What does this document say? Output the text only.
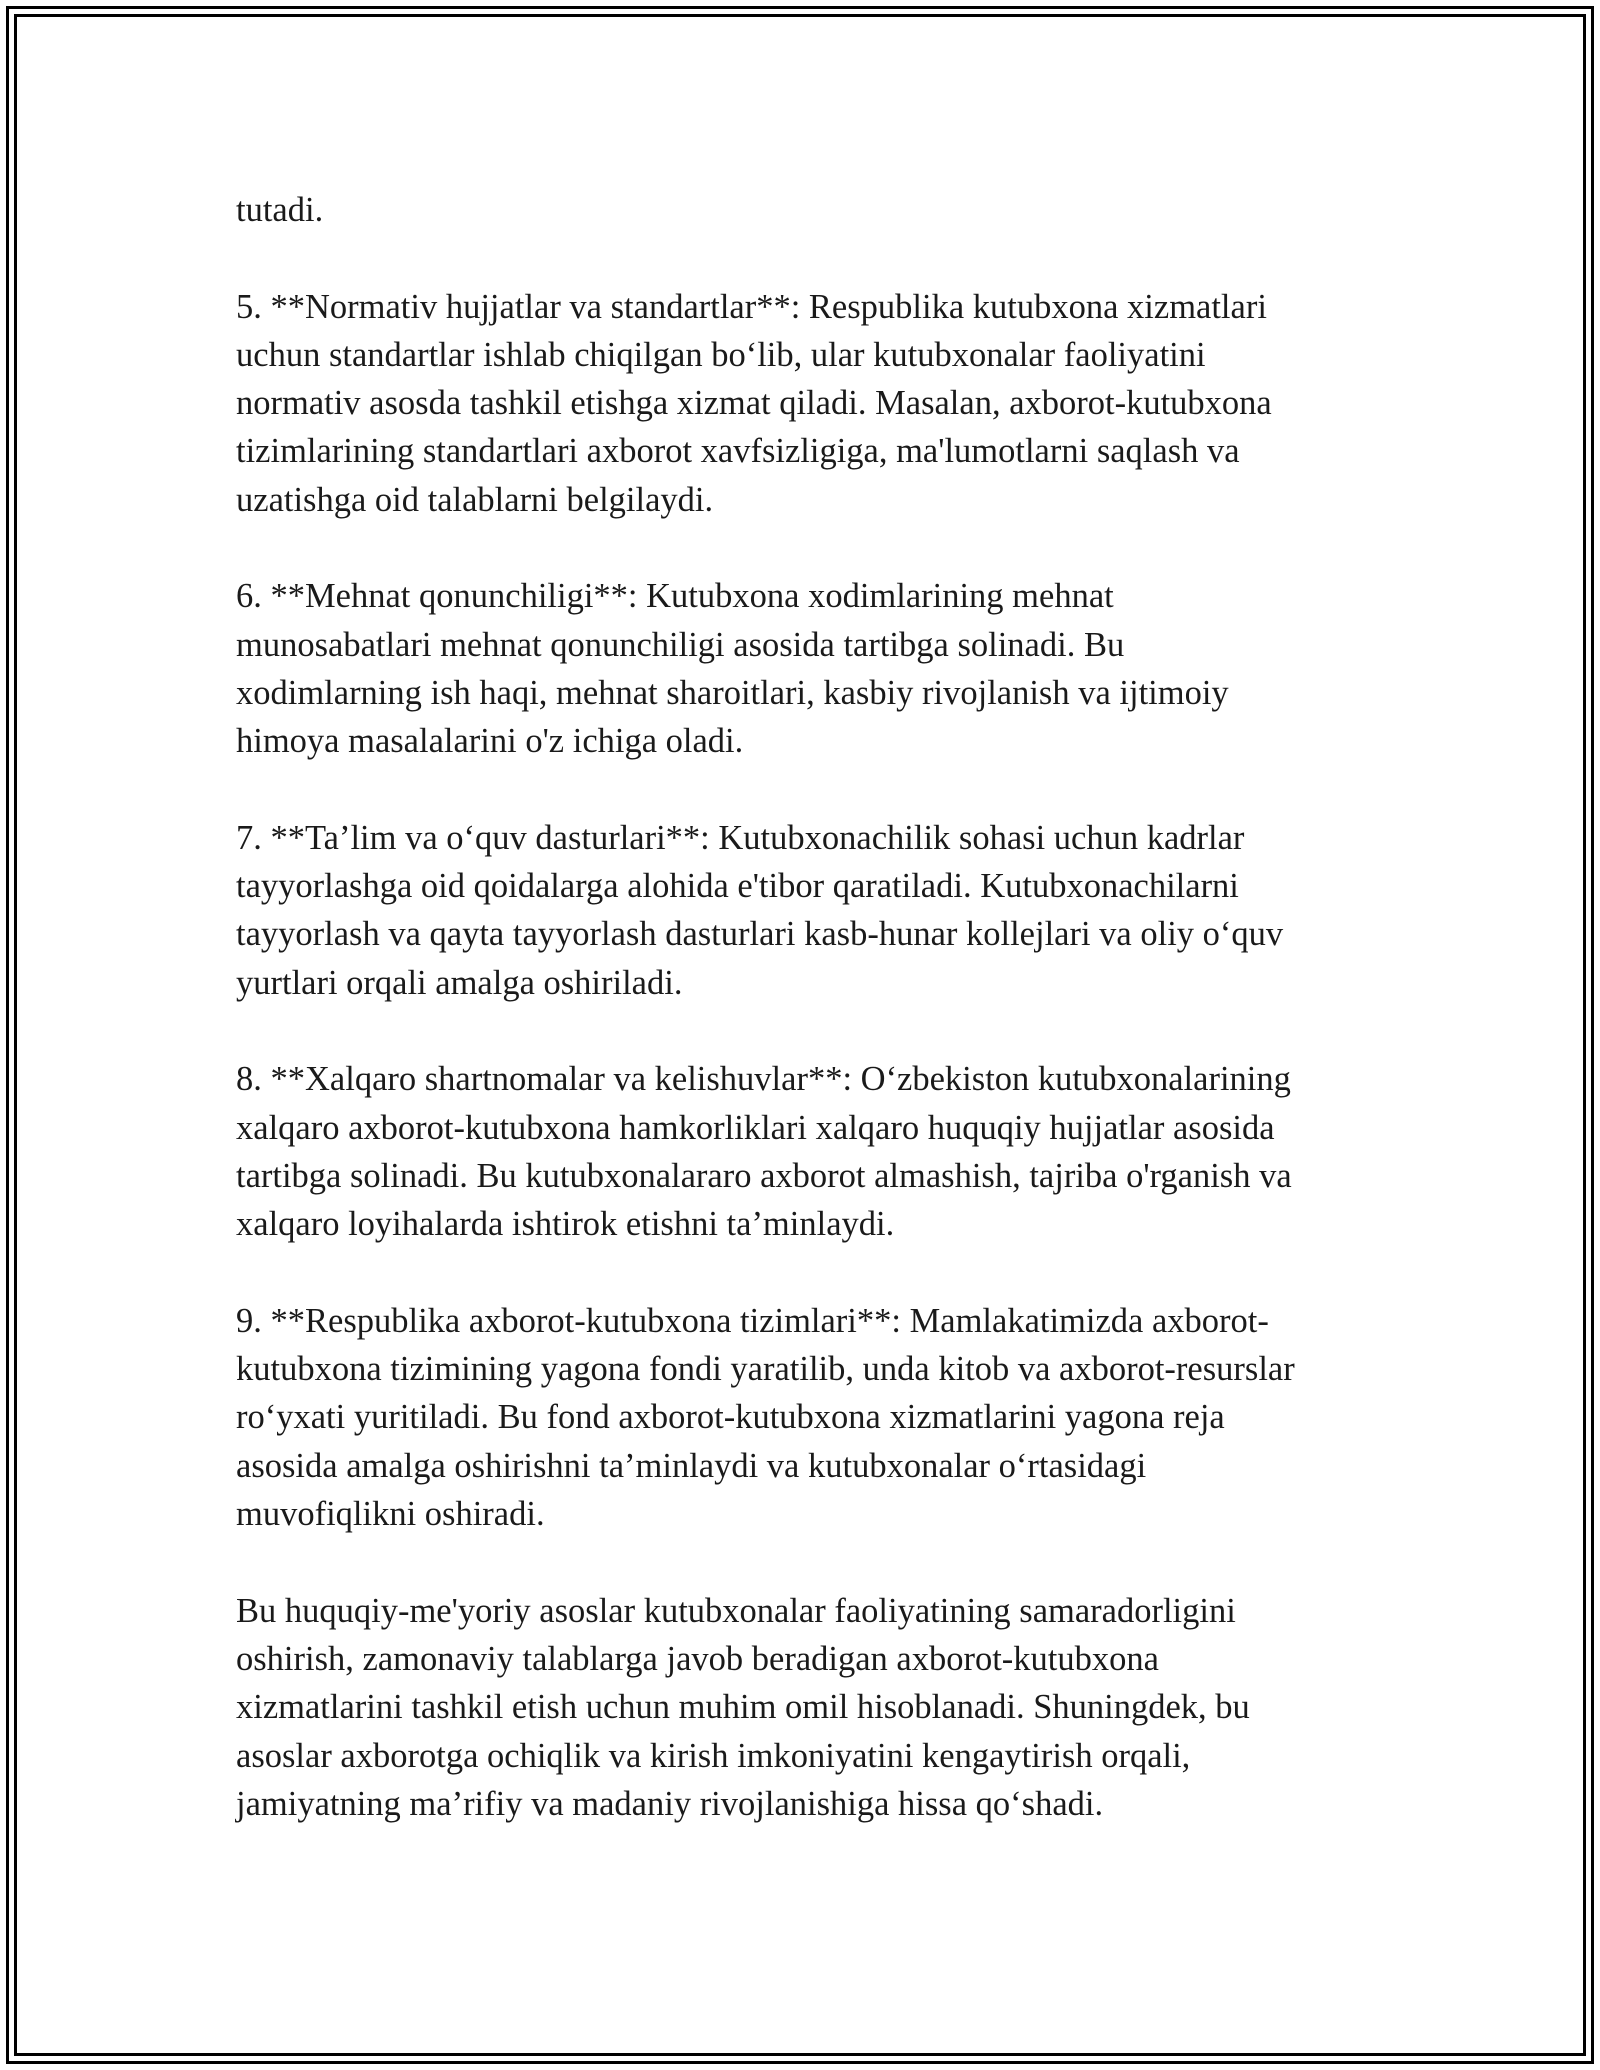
tutadi.

5. **Normativ hujjatlar va standartlar**: Respublika kutubxona xizmatlari
uchun standartlar ishlab chiqilgan bo‘lib, ular kutubxonalar faoliyatini
normativ asosda tashkil etishga xizmat qiladi. Masalan, axborot-kutubxona
tizimlarining standartlari axborot xavfsizligiga, ma'lumotlarni saqlash va
uzatishga oid talablarni belgilaydi.

6. **Mehnat qonunchiligi**: Kutubxona xodimlarining mehnat
munosabatlari mehnat qonunchiligi asosida tartibga solinadi. Bu
xodimlarning ish haqi, mehnat sharoitlari, kasbiy rivojlanish va ijtimoiy
himoya masalalarini o'z ichiga oladi.

7. **Ta’lim va o‘quv dasturlari**: Kutubxonachilik sohasi uchun kadrlar
tayyorlashga oid qoidalarga alohida e'tibor qaratiladi. Kutubxonachilarni
tayyorlash va qayta tayyorlash dasturlari kasb-hunar kollejlari va oliy o‘quv
yurtlari orqali amalga oshiriladi.

8. **Xalqaro shartnomalar va kelishuvlar**: O‘zbekiston kutubxonalarining
xalqaro axborot-kutubxona hamkorliklari xalqaro huquqiy hujjatlar asosida
tartibga solinadi. Bu kutubxonalararo axborot almashish, tajriba o'rganish va
xalqaro loyihalarda ishtirok etishni ta’minlaydi.

9. **Respublika axborot-kutubxona tizimlari**: Mamlakatimizda axborot-
kutubxona tizimining yagona fondi yaratilib, unda kitob va axborot-resurslar
ro‘yxati yuritiladi. Bu fond axborot-kutubxona xizmatlarini yagona reja
asosida amalga oshirishni ta’minlaydi va kutubxonalar o‘rtasidagi
muvofiqlikni oshiradi.

Bu huquqiy-me'yoriy asoslar kutubxonalar faoliyatining samaradorligini
oshirish, zamonaviy talablarga javob beradigan axborot-kutubxona
xizmatlarini tashkil etish uchun muhim omil hisoblanadi. Shuningdek, bu
asoslar axborotga ochiqlik va kirish imkoniyatini kengaytirish orqali,
jamiyatning ma’rifiy va madaniy rivojlanishiga hissa qo‘shadi.
